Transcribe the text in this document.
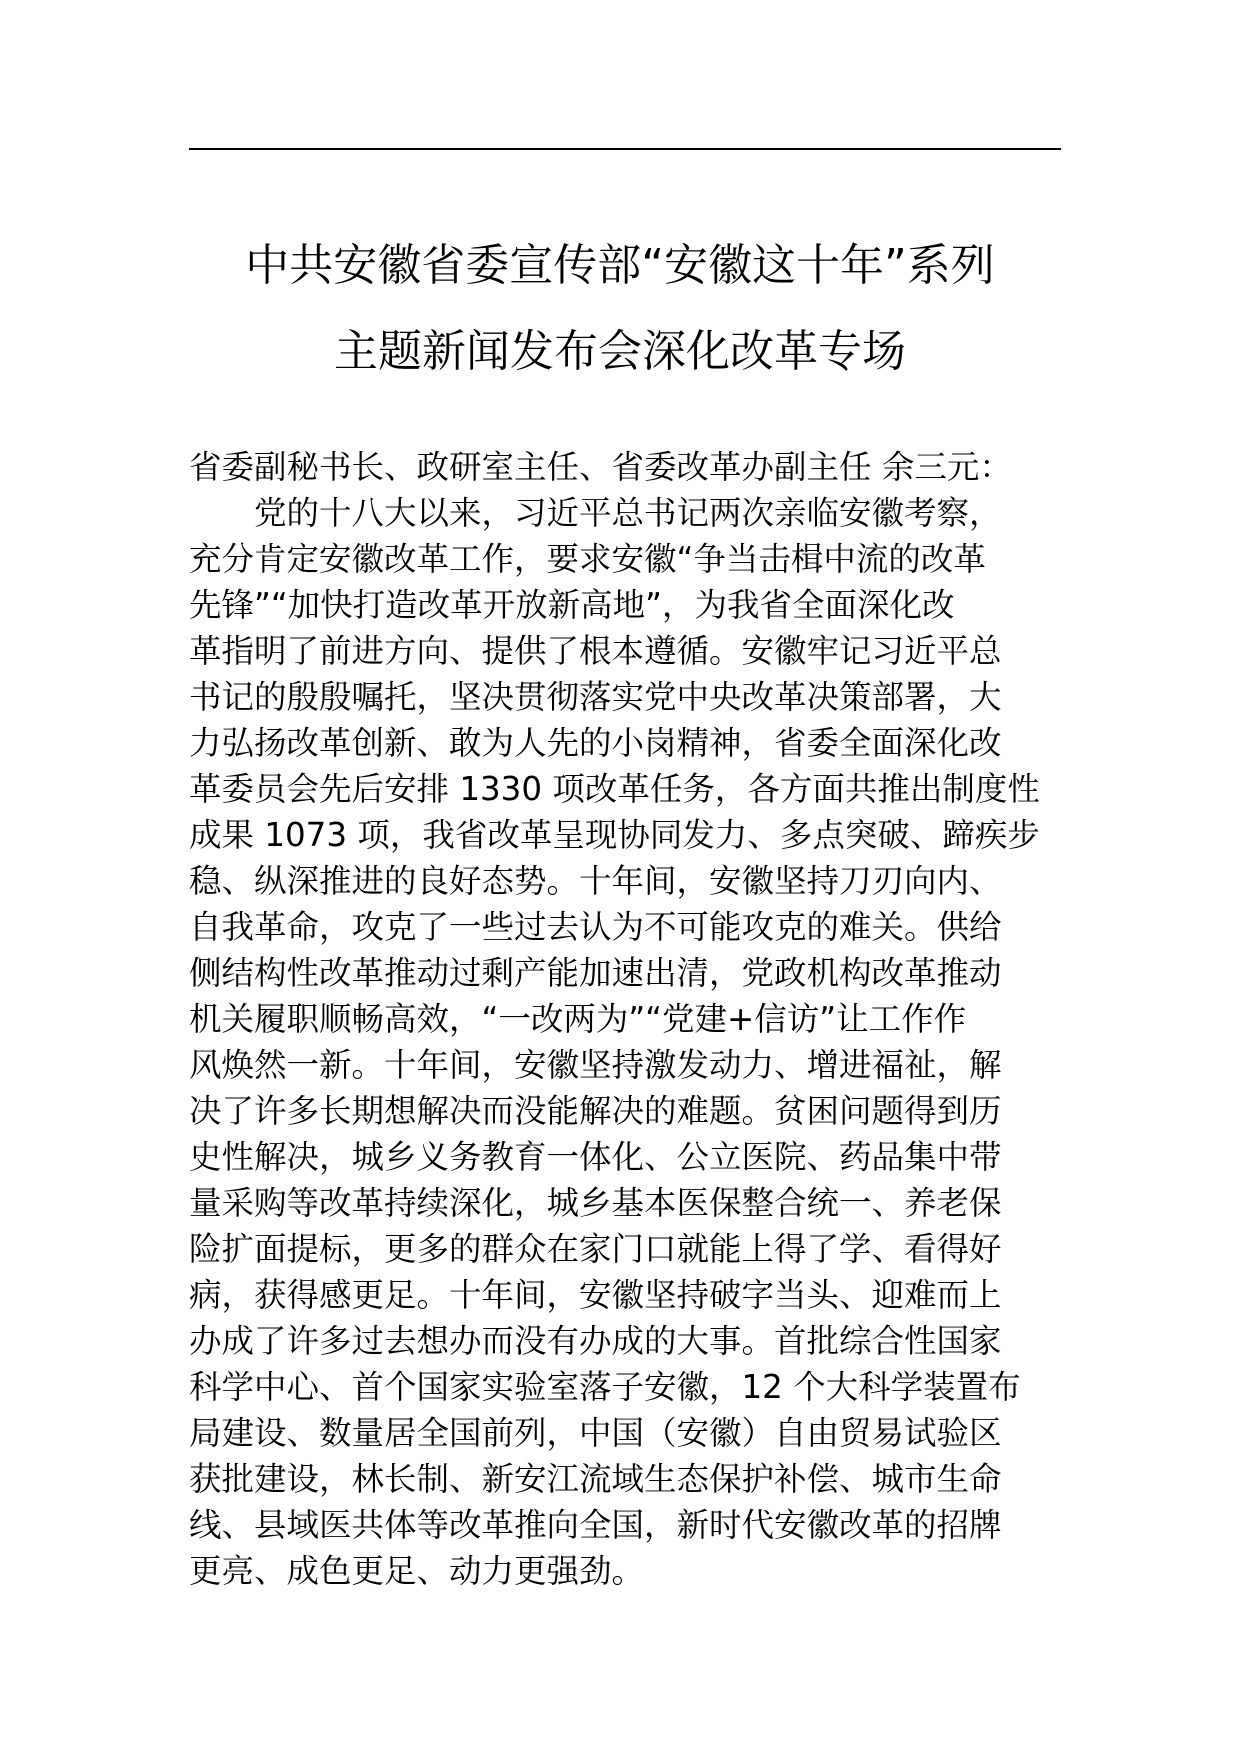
中共安徽省委宣传部“安徽这十年”系列
主题新闻发布会深化改革专场
省委副秘书长、政研室主任、省委改革办副主任 余三元：
　　党的十八大以来，习近平总书记两次亲临安徽考察，
充分肯定安徽改革工作，要求安徽“争当击楫中流的改革
先锋”“加快打造改革开放新高地”，为我省全面深化改
革指明了前进方向、提供了根本遵循。安徽牢记习近平总
书记的殷殷嘱托，坚决贯彻落实党中央改革决策部署，大
力弘扬改革创新、敢为人先的小岗精神，省委全面深化改
革委员会先后安排 1330 项改革任务，各方面共推出制度性
成果 1073 项，我省改革呈现协同发力、多点突破、蹄疾步
稳、纵深推进的良好态势。十年间，安徽坚持刀刃向内、
自我革命，攻克了一些过去认为不可能攻克的难关。供给
侧结构性改革推动过剩产能加速出清，党政机构改革推动
机关履职顺畅高效，“一改两为”“党建+信访”让工作作
风焕然一新。十年间，安徽坚持激发动力、增进福祉，解
决了许多长期想解决而没能解决的难题。贫困问题得到历
史性解决，城乡义务教育一体化、公立医院、药品集中带
量采购等改革持续深化，城乡基本医保整合统一、养老保
险扩面提标，更多的群众在家门口就能上得了学、看得好
病，获得感更足。十年间，安徽坚持破字当头、迎难而上
办成了许多过去想办而没有办成的大事。首批综合性国家
科学中心、首个国家实验室落子安徽，12 个大科学装置布
局建设、数量居全国前列，中国（安徽）自由贸易试验区
获批建设，林长制、新安江流域生态保护补偿、城市生命
线、县域医共体等改革推向全国，新时代安徽改革的招牌
更亮、成色更足、动力更强劲。
